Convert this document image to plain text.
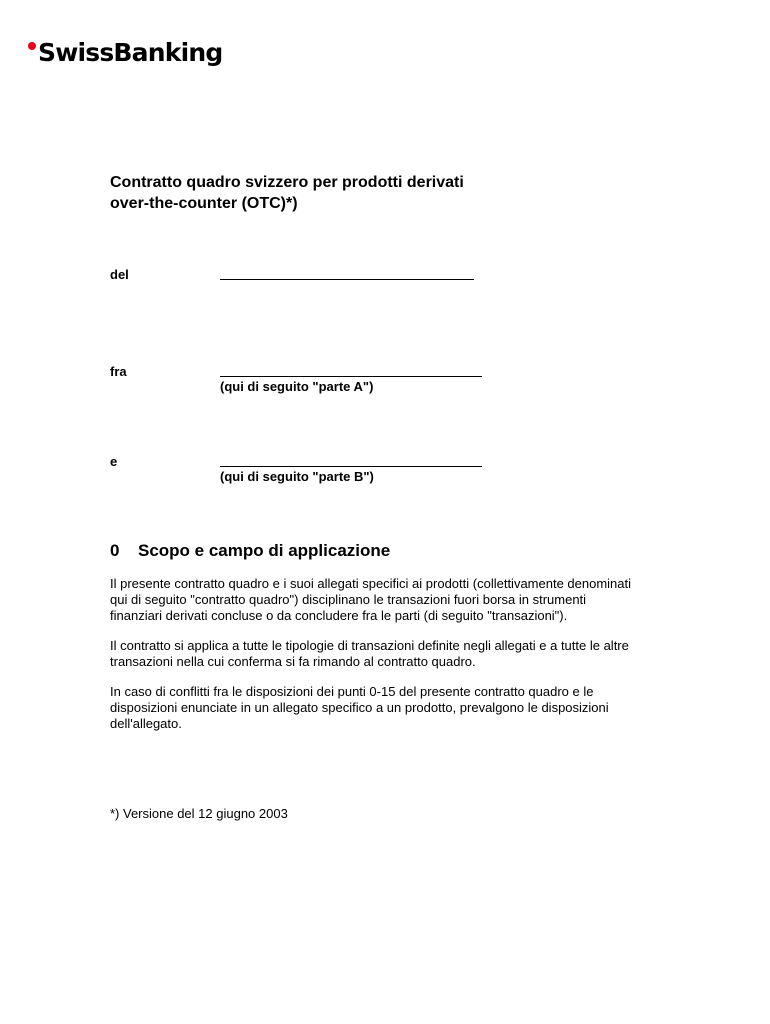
SwissBanking
Contratto quadro svizzero per prodotti derivati
over-the-counter (OTC)*)
del
fra
(qui di seguito "parte A")
e
(qui di seguito "parte B")
0 Scopo e campo di applicazione
Il presente contratto quadro e i suoi allegati specifici ai prodotti (collettivamente denominati
qui di seguito "contratto quadro") disciplinano le transazioni fuori borsa in strumenti
finanziari derivati concluse o da concludere fra le parti (di seguito "transazioni").
Il contratto si applica a tutte le tipologie di transazioni definite negli allegati e a tutte le altre
transazioni nella cui conferma si fa rimando al contratto quadro.
In caso di conflitti fra le disposizioni dei punti 0-15 del presente contratto quadro e le
disposizioni enunciate in un allegato specifico a un prodotto, prevalgono le disposizioni
dell'allegato.
*) Versione del 12 giugno 2003
